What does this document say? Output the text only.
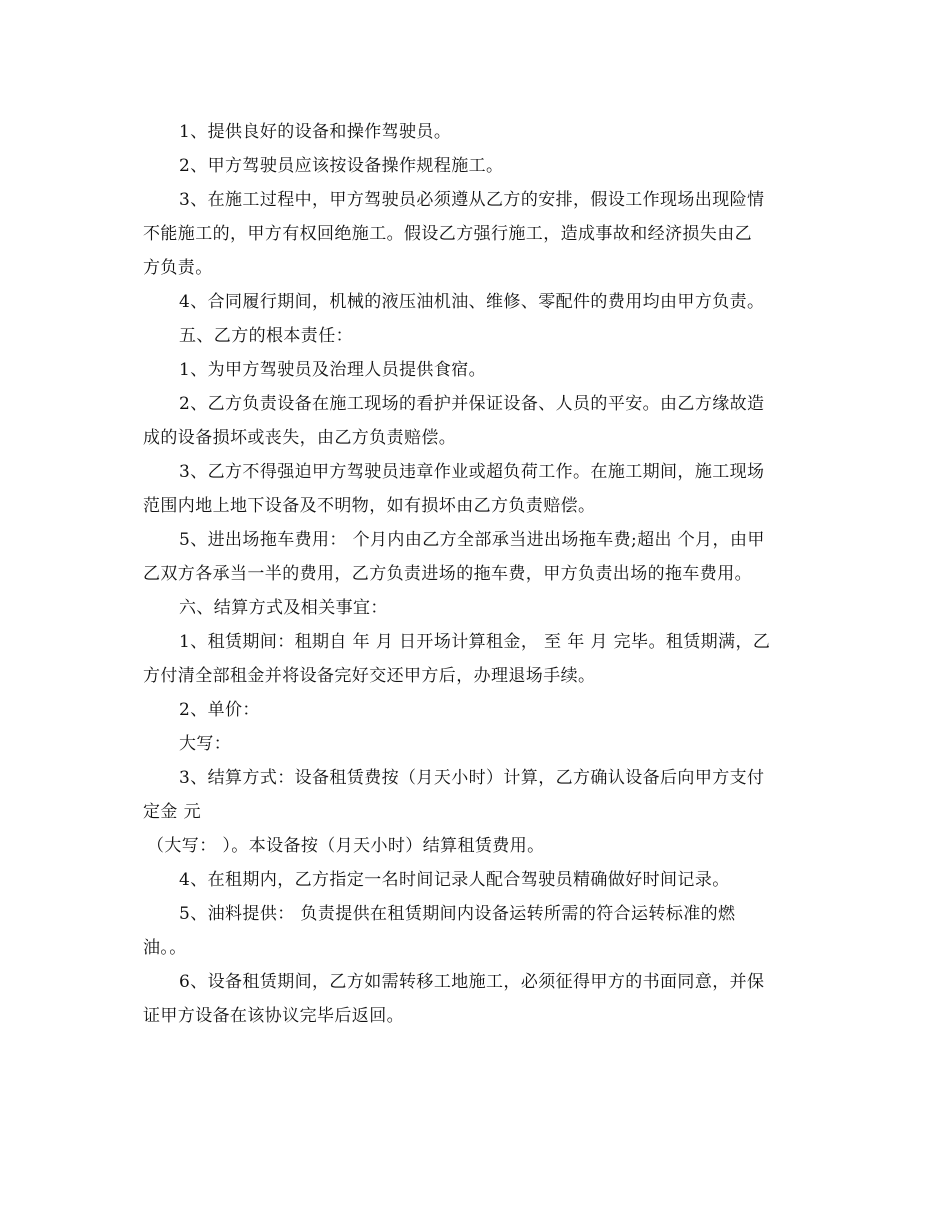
1、提供良好的设备和操作驾驶员。
2、甲方驾驶员应该按设备操作规程施工。
3、在施工过程中，甲方驾驶员必须遵从乙方的安排，假设工作现场出现险情
不能施工的，甲方有权回绝施工。假设乙方强行施工，造成事故和经济损失由乙
方负责。
4、合同履行期间，机械的液压油机油、维修、零配件的费用均由甲方负责。
五、乙方的根本责任：
1、为甲方驾驶员及治理人员提供食宿。
2、乙方负责设备在施工现场的看护并保证设备、人员的平安。由乙方缘故造
成的设备损坏或丧失，由乙方负责赔偿。
3、乙方不得强迫甲方驾驶员违章作业或超负荷工作。在施工期间，施工现场
范围内地上地下设备及不明物，如有损坏由乙方负责赔偿。
5、进出场拖车费用： 个月内由乙方全部承当进出场拖车费;超出 个月，由甲
乙双方各承当一半的费用，乙方负责进场的拖车费，甲方负责出场的拖车费用。
六、结算方式及相关事宜：
1、租赁期间：租期自 年 月 日开场计算租金， 至 年 月 完毕。租赁期满，乙
方付清全部租金并将设备完好交还甲方后，办理退场手续。
2、单价：
大写：
3、结算方式：设备租赁费按（月天小时）计算，乙方确认设备后向甲方支付
定金 元
（大写： ）。本设备按（月天小时）结算租赁费用。
4、在租期内，乙方指定一名时间记录人配合驾驶员精确做好时间记录。
5、油料提供： 负责提供在租赁期间内设备运转所需的符合运转标准的燃
油。。
6、设备租赁期间，乙方如需转移工地施工，必须征得甲方的书面同意，并保
证甲方设备在该协议完毕后返回。
